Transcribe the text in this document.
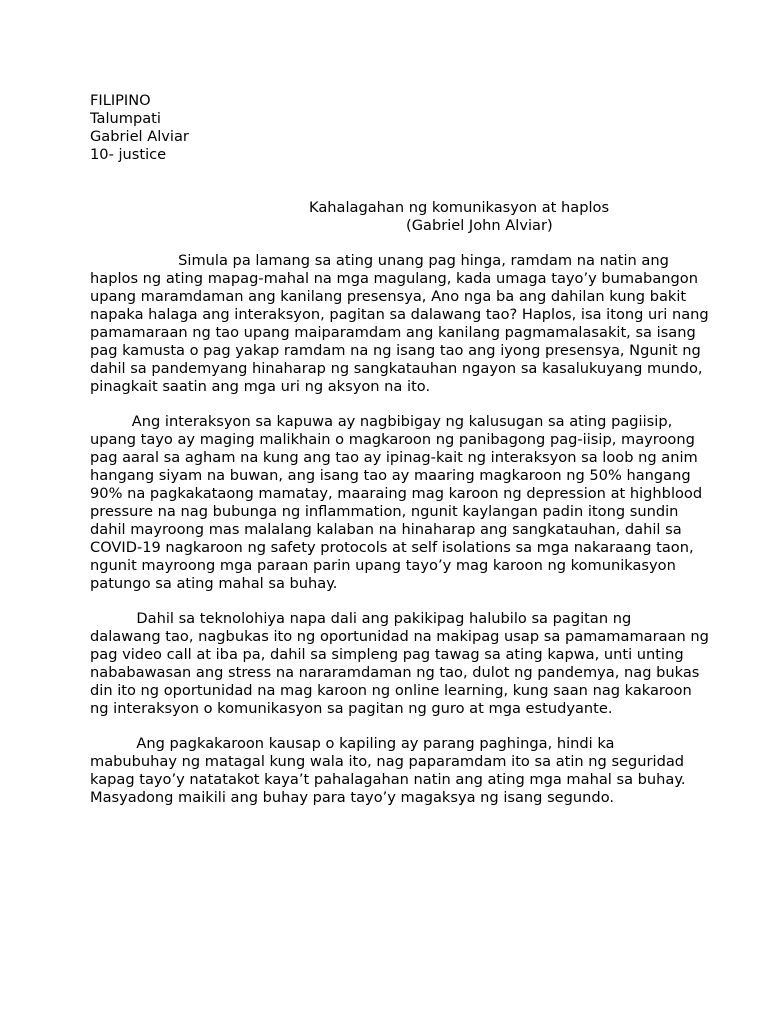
FILIPINO
Talumpati
Gabriel Alviar
10- justice
Kahalagahan ng komunikasyon at haplos
(Gabriel John Alviar)
Simula pa lamang sa ating unang pag hinga, ramdam na natin ang
haplos ng ating mapag-mahal na mga magulang, kada umaga tayo’y bumabangon
upang maramdaman ang kanilang presensya, Ano nga ba ang dahilan kung bakit
napaka halaga ang interaksyon, pagitan sa dalawang tao? Haplos, isa itong uri nang
pamamaraan ng tao upang maiparamdam ang kanilang pagmamalasakit, sa isang
pag kamusta o pag yakap ramdam na ng isang tao ang iyong presensya, Ngunit ng
dahil sa pandemyang hinaharap ng sangkatauhan ngayon sa kasalukuyang mundo,
pinagkait saatin ang mga uri ng aksyon na ito.
Ang interaksyon sa kapuwa ay nagbibigay ng kalusugan sa ating pagiisip,
upang tayo ay maging malikhain o magkaroon ng panibagong pag-iisip, mayroong
pag aaral sa agham na kung ang tao ay ipinag-kait ng interaksyon sa loob ng anim
hangang siyam na buwan, ang isang tao ay maaring magkaroon ng 50% hangang
90% na pagkakataong mamatay, maaraing mag karoon ng depression at highblood
pressure na nag bubunga ng inflammation, ngunit kaylangan padin itong sundin
dahil mayroong mas malalang kalaban na hinaharap ang sangkatauhan, dahil sa
COVID-19 nagkaroon ng safety protocols at self isolations sa mga nakaraang taon,
ngunit mayroong mga paraan parin upang tayo’y mag karoon ng komunikasyon
patungo sa ating mahal sa buhay.
Dahil sa teknolohiya napa dali ang pakikipag halubilo sa pagitan ng
dalawang tao, nagbukas ito ng oportunidad na makipag usap sa pamamamaraan ng
pag video call at iba pa, dahil sa simpleng pag tawag sa ating kapwa, unti unting
nababawasan ang stress na nararamdaman ng tao, dulot ng pandemya, nag bukas
din ito ng oportunidad na mag karoon ng online learning, kung saan nag kakaroon
ng interaksyon o komunikasyon sa pagitan ng guro at mga estudyante.
Ang pagkakaroon kausap o kapiling ay parang paghinga, hindi ka
mabubuhay ng matagal kung wala ito, nag paparamdam ito sa atin ng seguridad
kapag tayo’y natatakot kaya’t pahalagahan natin ang ating mga mahal sa buhay.
Masyadong maikili ang buhay para tayo’y magaksya ng isang segundo.
